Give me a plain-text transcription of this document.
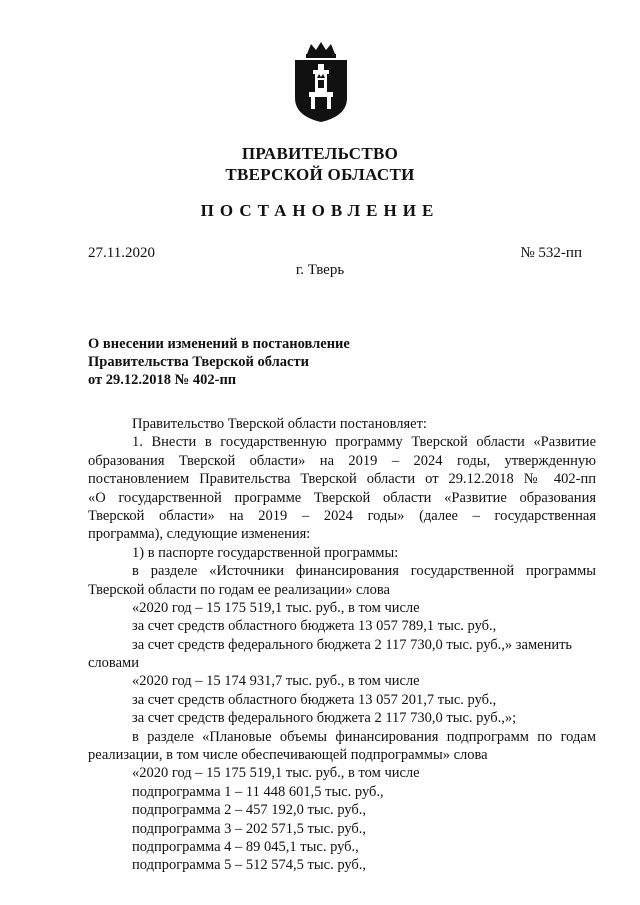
ПРАВИТЕЛЬСТВО
ТВЕРСКОЙ ОБЛАСТИ
ПОСТАНОВЛЕНИЕ
27.11.2020	№ 532-пп
г. Тверь
О внесении изменений в постановление
Правительства Тверской области
от 29.12.2018 № 402-пп
Правительство Тверской области постановляет:
1. Внести в государственную программу Тверской области «Развитие
образования Тверской области» на 2019 – 2024 годы, утвержденную
постановлением Правительства Тверской области от 29.12.2018 № 402-пп
«О государственной программе Тверской области «Развитие образования
Тверской области» на 2019 – 2024 годы» (далее – государственная
программа), следующие изменения:
1) в паспорте государственной программы:
в разделе «Источники финансирования государственной программы
Тверской области по годам ее реализации» слова
«2020 год – 15 175 519,1 тыс. руб., в том числе
за счет средств областного бюджета 13 057 789,1 тыс. руб.,
за счет средств федерального бюджета 2 117 730,0 тыс. руб.,» заменить
словами
«2020 год – 15 174 931,7 тыс. руб., в том числе
за счет средств областного бюджета 13 057 201,7 тыс. руб.,
за счет средств федерального бюджета 2 117 730,0 тыс. руб.,»;
в разделе «Плановые объемы финансирования подпрограмм по годам
реализации, в том числе обеспечивающей подпрограммы» слова
«2020 год – 15 175 519,1 тыс. руб., в том числе
подпрограмма 1 – 11 448 601,5 тыс. руб.,
подпрограмма 2 – 457 192,0 тыс. руб.,
подпрограмма 3 – 202 571,5 тыс. руб.,
подпрограмма 4 – 89 045,1 тыс. руб.,
подпрограмма 5 – 512 574,5 тыс. руб.,
